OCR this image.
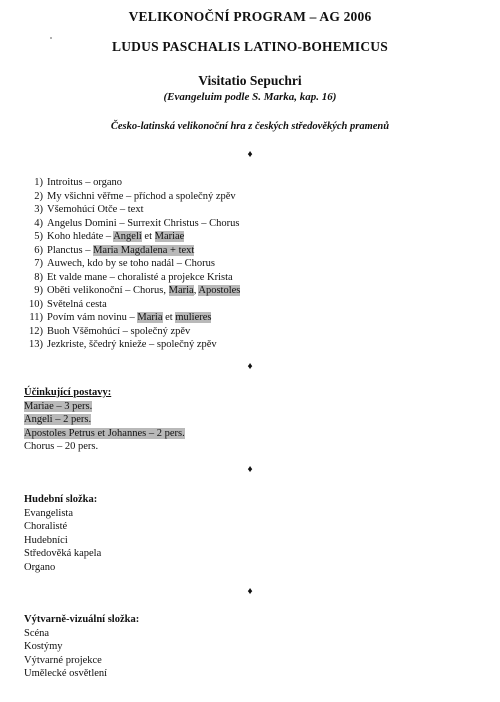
VELIKONOČNÍ PROGRAM – AG 2006
LUDUS PASCHALIS LATINO-BOHEMICUS
Visitatio Sepuchri
(Evangeluim podle S. Marka, kap. 16)
Česko-latinská velikonoční hra z českých středověkých pramenů
♦
1) Introitus – organo
2) My všichni věřme – příchod a společný zpěv
3) Všemohúcí Otče – text
4) Angelus Domini – Surrexit Christus – Chorus
5) Koho hledáte – Angeli et Mariae
6) Planctus – Maria Magdalena + text
7) Auwech, kdo by se toho nadál – Chorus
8) Et valde mane – choralisté a projekce Krista
9) Oběti velikonoční – Chorus, Maria, Apostoles
10) Světelná cesta
11) Povím vám novinu – Maria et mulieres
12) Buoh Všěmohúcí – společný zpěv
13) Jezkriste, ščedrý knieže – společný zpěv
♦
Účinkující postavy:
Mariae – 3 pers.
Angeli – 2 pers.
Apostoles Petrus et Johannes – 2 pers.
Chorus – 20 pers.
♦
Hudební složka:
Evangelista
Choralisté
Hudebníci
Středověká kapela
Organo
♦
Výtvarně-vizuální složka:
Scéna
Kostýmy
Výtvarné projekce
Umělecké osvětlení
